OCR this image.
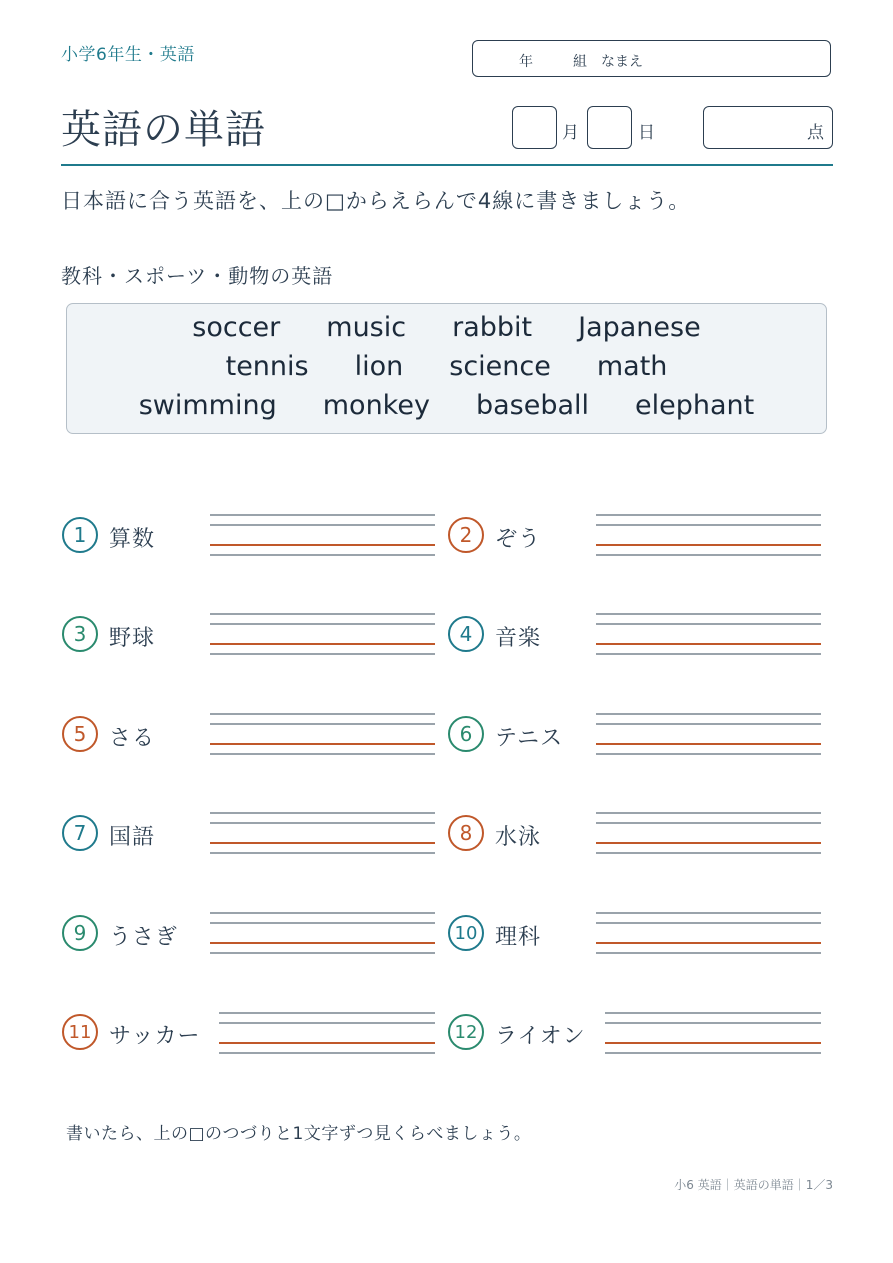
小学6年生・英語	年	組 なまえ
英語の単語	月	日	点
日本語に合う英語を、上の□からえらんで4線に書きましょう。
教科・スポーツ・動物の英語
soccer music rabbit Japanese
tennis lion science math
swimming monkey baseball elephant
1	算数	2	ぞう
3	野球	4	音楽
5	さる	6	テニス
7	国語	8	水泳
9	うさぎ	10 理科
11 サッカー	12 ライオン
書いたら、上の□のつづりと1文字ずつ見くらべましょう。
小6 英語｜英語の単語｜1／3
